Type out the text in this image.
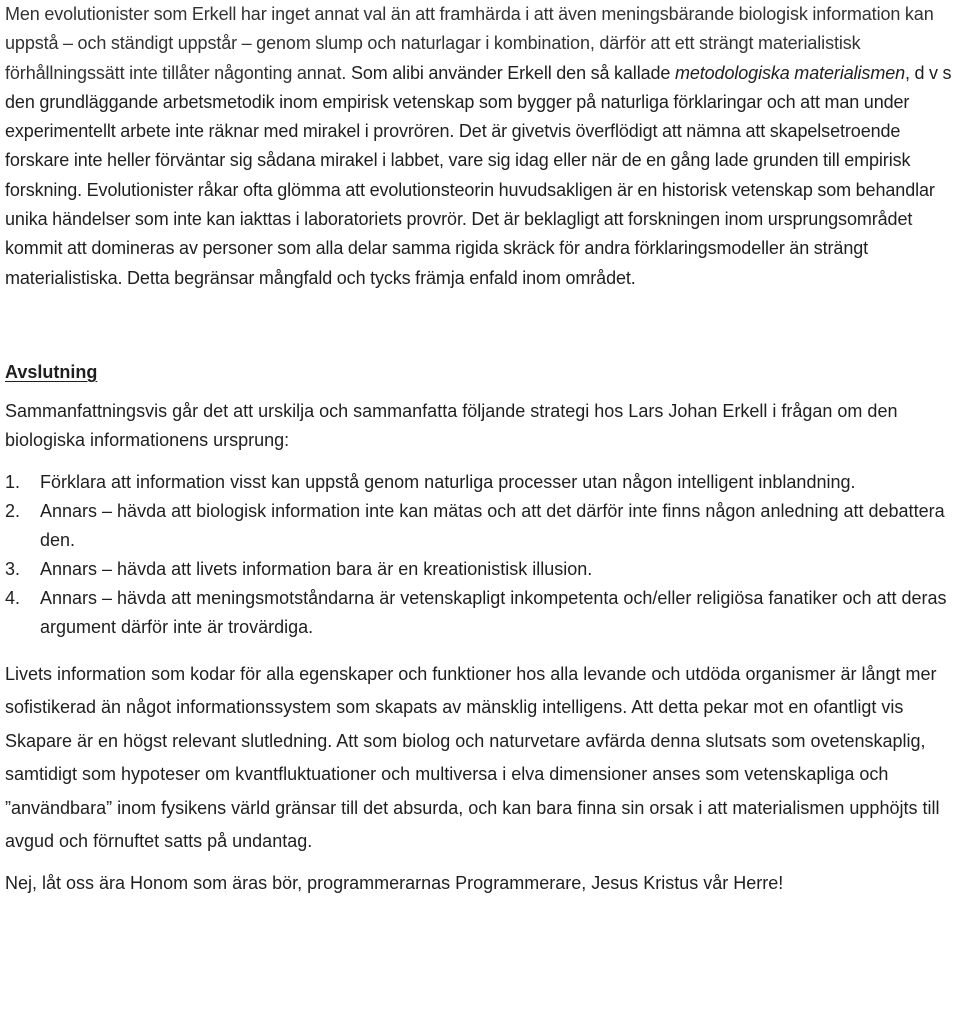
Men evolutionister som Erkell har inget annat val än att framhärda i att även meningsbärande biologisk information kan uppstå – och ständigt uppstår – genom slump och naturlagar i kombination, därför att ett strängt materialistisk förhållningssätt inte tillåter någonting annat. Som alibi använder Erkell den så kallade metodologiska materialismen, d v s den grundläggande arbetsmetodik inom empirisk vetenskap som bygger på naturliga förklaringar och att man under experimentellt arbete inte räknar med mirakel i provrören. Det är givetvis överflödigt att nämna att skapelsetroende forskare inte heller förväntar sig sådana mirakel i labbet, vare sig idag eller när de en gång lade grunden till empirisk forskning. Evolutionister råkar ofta glömma att evolutionsteorin huvudsakligen är en historisk vetenskap som behandlar unika händelser som inte kan iakttas i laboratoriets provrör. Det är beklagligt att forskningen inom ursprungsområdet kommit att domineras av personer som alla delar samma rigida skräck för andra förklaringsmodeller än strängt materialistiska. Detta begränsar mångfald och tycks främja enfald inom området.

Avslutning

Sammanfattningsvis går det att urskilja och sammanfatta följande strategi hos Lars Johan Erkell i frågan om den biologiska informationens ursprung:

1. Förklara att information visst kan uppstå genom naturliga processer utan någon intelligent inblandning.
2. Annars – hävda att biologisk information inte kan mätas och att det därför inte finns någon anledning att debattera den.
3. Annars – hävda att livets information bara är en kreationistisk illusion.
4. Annars – hävda att meningsmotståndarna är vetenskapligt inkompetenta och/eller religiösa fanatiker och att deras argument därför inte är trovärdiga.

Livets information som kodar för alla egenskaper och funktioner hos alla levande och utdöda organismer är långt mer sofistikerad än något informationssystem som skapats av mänsklig intelligens. Att detta pekar mot en ofantligt vis Skapare är en högst relevant slutledning. Att som biolog och naturvetare avfärda denna slutsats som ovetenskaplig, samtidigt som hypoteser om kvantfluktuationer och multiversa i elva dimensioner anses som vetenskapliga och ”användbara” inom fysikens värld gränsar till det absurda, och kan bara finna sin orsak i att materialismen upphöjts till avgud och förnuftet satts på undantag.

Nej, låt oss ära Honom som äras bör, programmerarnas Programmerare, Jesus Kristus vår Herre!
